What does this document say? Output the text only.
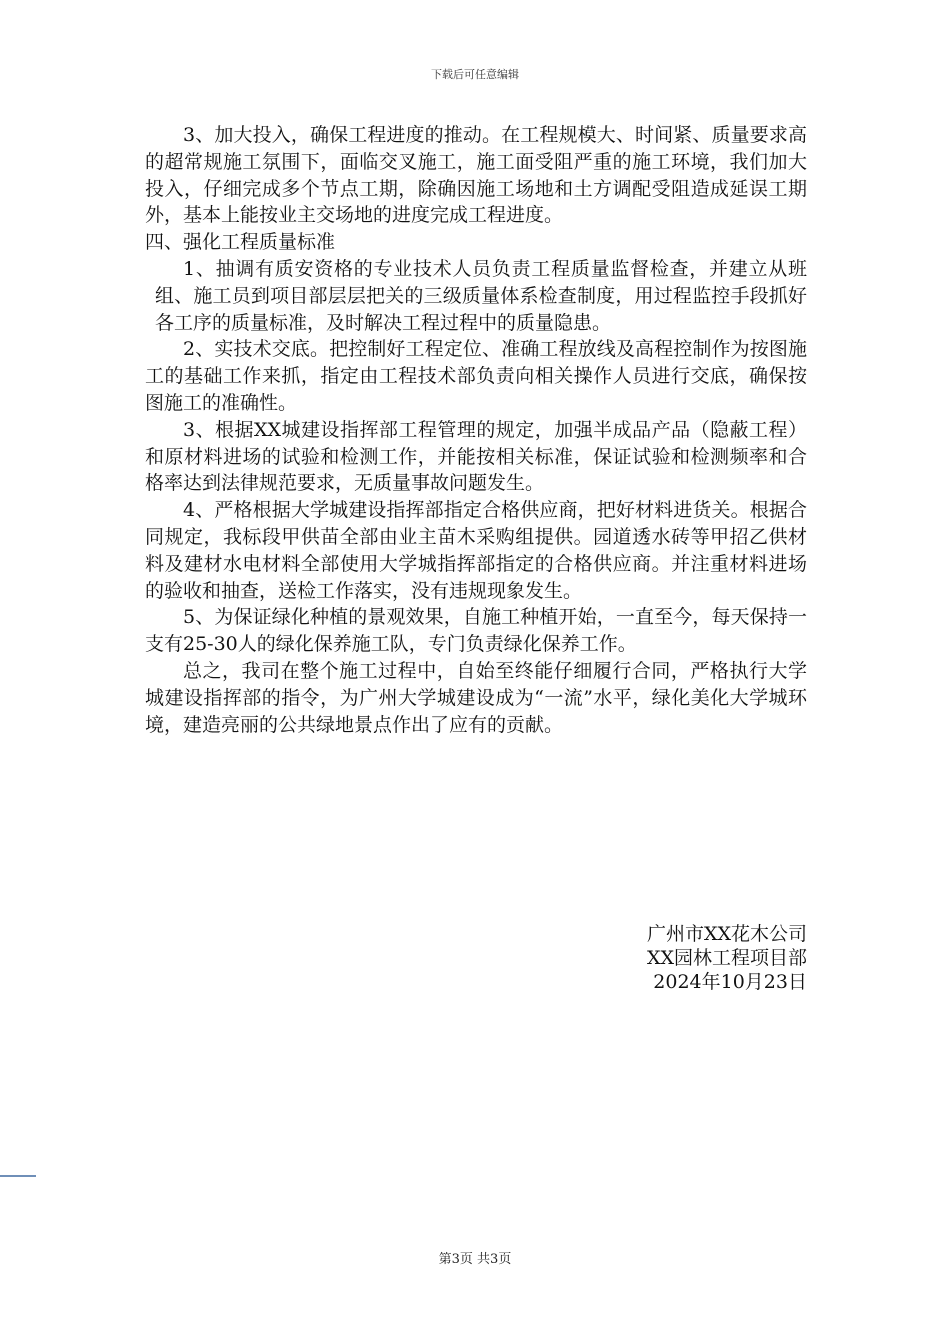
下载后可任意编辑

3、加大投入，确保工程进度的推动。在工程规模大、时间紧、质量要求高的超常规施工氛围下，面临交叉施工，施工面受阻严重的施工环境，我们加大投入，仔细完成多个节点工期，除确因施工场地和土方调配受阻造成延误工期外，基本上能按业主交场地的进度完成工程进度。

四、强化工程质量标准

1、抽调有质安资格的专业技术人员负责工程质量监督检查，并建立从班组、施工员到项目部层层把关的三级质量体系检查制度，用过程监控手段抓好各工序的质量标准，及时解决工程过程中的质量隐患。

2、实技术交底。把控制好工程定位、准确工程放线及高程控制作为按图施工的基础工作来抓，指定由工程技术部负责向相关操作人员进行交底，确保按图施工的准确性。

3、根据XX城建设指挥部工程管理的规定，加强半成品产品（隐蔽工程）和原材料进场的试验和检测工作，并能按相关标准，保证试验和检测频率和合格率达到法律规范要求，无质量事故问题发生。

4、严格根据大学城建设指挥部指定合格供应商，把好材料进货关。根据合同规定，我标段甲供苗全部由业主苗木采购组提供。园道透水砖等甲招乙供材料及建材水电材料全部使用大学城指挥部指定的合格供应商。并注重材料进场的验收和抽查，送检工作落实，没有违规现象发生。

5、为保证绿化种植的景观效果，自施工种植开始，一直至今，每天保持一支有25-30人的绿化保养施工队，专门负责绿化保养工作。

总之，我司在整个施工过程中，自始至终能仔细履行合同，严格执行大学城建设指挥部的指令，为广州大学城建设成为“一流”水平，绿化美化大学城环境，建造亮丽的公共绿地景点作出了应有的贡献。

广州市XX花木公司
XX园林工程项目部
2024年10月23日
第3页 共3页
